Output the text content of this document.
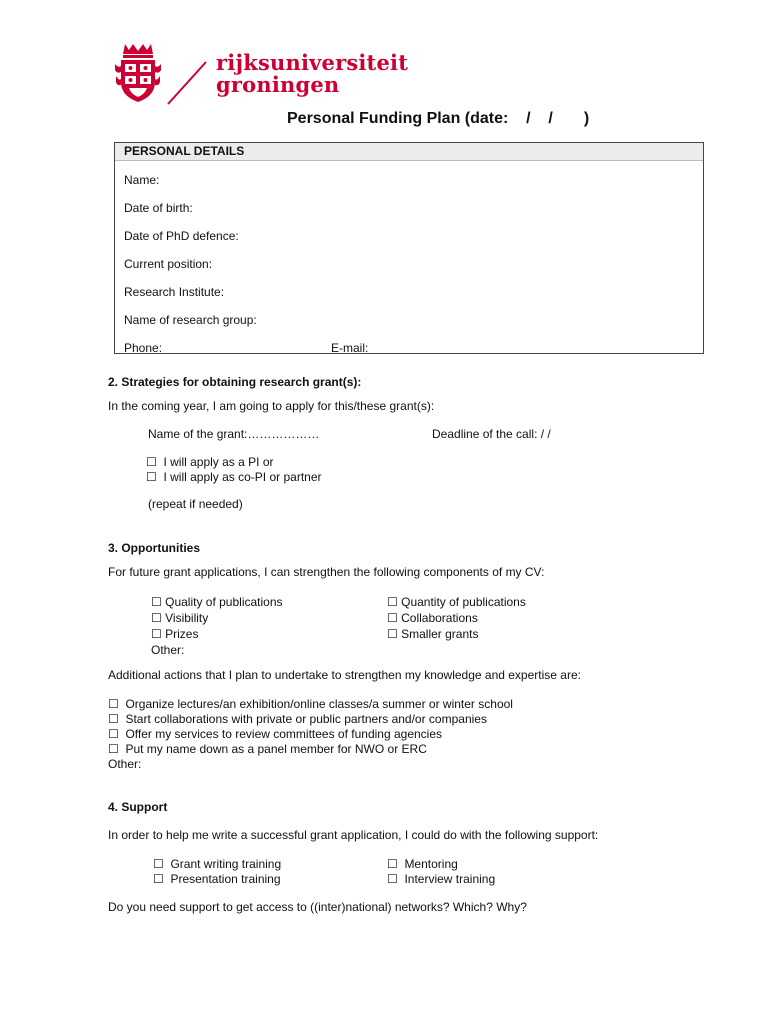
rijksuniversiteit
groningen
Personal Funding Plan (date:    /    /       )
PERSONAL DETAILS
Name:
Date of birth:
Date of PhD defence:
Current position:
Research Institute:
Name of research group:
Phone:	E-mail:
2. Strategies for obtaining research grant(s):
In the coming year, I am going to apply for this/these grant(s):
Name of the grant:………………	Deadline of the call: / /
☐ I will apply as a PI or
☐ I will apply as co-PI or partner
(repeat if needed)
3. Opportunities
For future grant applications, I can strengthen the following components of my CV:
☐ Quality of publications
☐ Visibility
☐ Prizes
Other:
☐ Quantity of publications
☐ Collaborations
☐ Smaller grants
Additional actions that I plan to undertake to strengthen my knowledge and expertise are:
☐ Organize lectures/an exhibition/online classes/a summer or winter school
☐ Start collaborations with private or public partners and/or companies
☐ Offer my services to review committees of funding agencies
☐ Put my name down as a panel member for NWO or ERC
Other:
4. Support
In order to help me write a successful grant application, I could do with the following support:
☐ Grant writing training
☐ Presentation training
☐ Mentoring
☐ Interview training
Do you need support to get access to ((inter)national) networks? Which? Why?
